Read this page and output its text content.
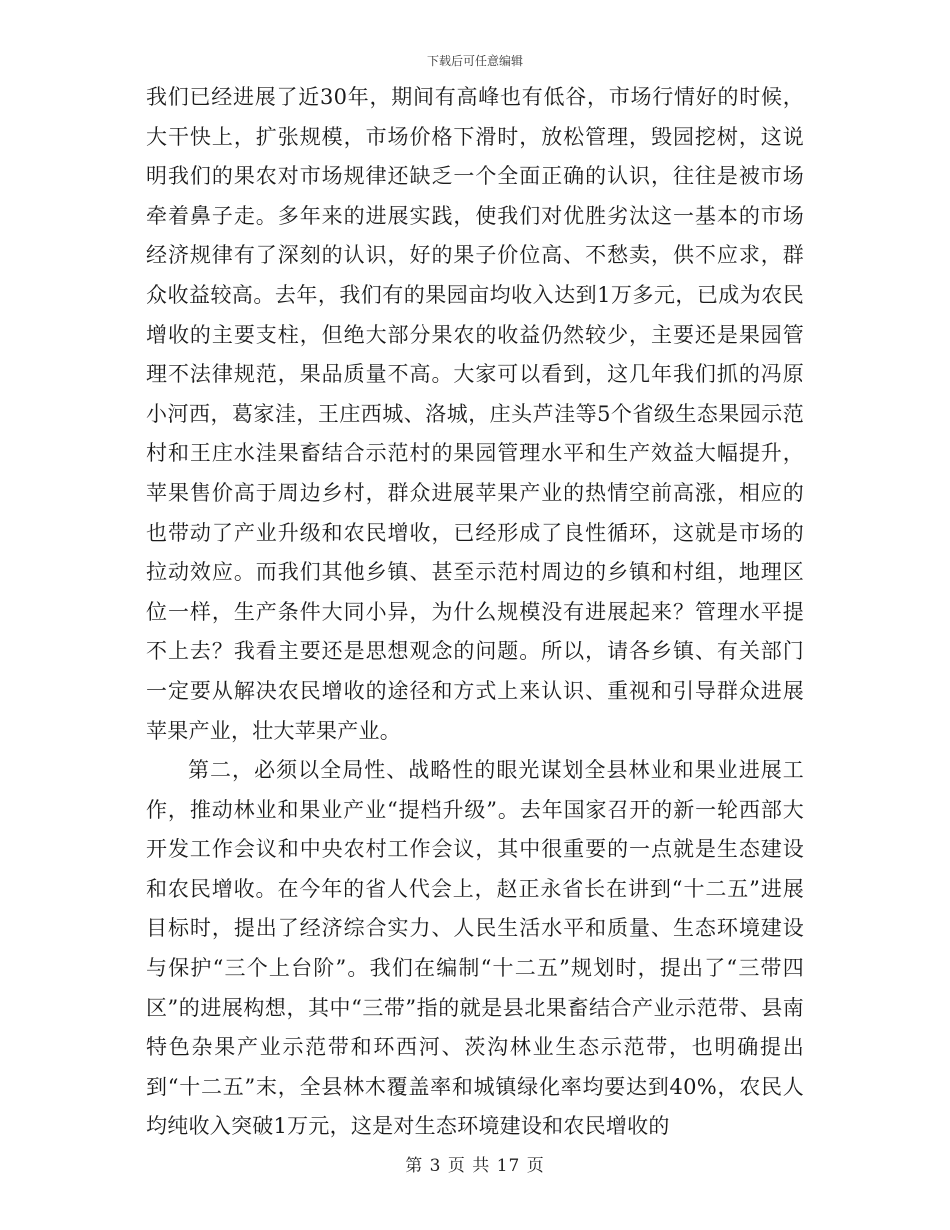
下载后可任意编辑

我们已经进展了近30年，期间有高峰也有低谷，市场行情好的时候，大干快上，扩张规模，市场价格下滑时，放松管理，毁园挖树，这说明我们的果农对市场规律还缺乏一个全面正确的认识，往往是被市场牵着鼻子走。多年来的进展实践，使我们对优胜劣汰这一基本的市场经济规律有了深刻的认识，好的果子价位高、不愁卖，供不应求，群众收益较高。去年，我们有的果园亩均收入达到1万多元，已成为农民增收的主要支柱，但绝大部分果农的收益仍然较少，主要还是果园管理不法律规范，果品质量不高。大家可以看到，这几年我们抓的冯原小河西，葛家洼，王庄西城、洛城，庄头芦洼等5个省级生态果园示范村和王庄水洼果畜结合示范村的果园管理水平和生产效益大幅提升，苹果售价高于周边乡村，群众进展苹果产业的热情空前高涨，相应的也带动了产业升级和农民增收，已经形成了良性循环，这就是市场的拉动效应。而我们其他乡镇、甚至示范村周边的乡镇和村组，地理区位一样，生产条件大同小异，为什么规模没有进展起来？管理水平提不上去？我看主要还是思想观念的问题。所以，请各乡镇、有关部门一定要从解决农民增收的途径和方式上来认识、重视和引导群众进展苹果产业，壮大苹果产业。

第二，必须以全局性、战略性的眼光谋划全县林业和果业进展工作，推动林业和果业产业“提档升级”。去年国家召开的新一轮西部大开发工作会议和中央农村工作会议，其中很重要的一点就是生态建设和农民增收。在今年的省人代会上，赵正永省长在讲到“十二五”进展目标时，提出了经济综合实力、人民生活水平和质量、生态环境建设与保护“三个上台阶”。我们在编制“十二五”规划时，提出了“三带四区”的进展构想，其中“三带”指的就是县北果畜结合产业示范带、县南特色杂果产业示范带和环西河、茨沟林业生态示范带，也明确提出到“十二五”末，全县林木覆盖率和城镇绿化率均要达到40%，农民人均纯收入突破1万元，这是对生态环境建设和农民增收的

第 3 页 共 17 页
